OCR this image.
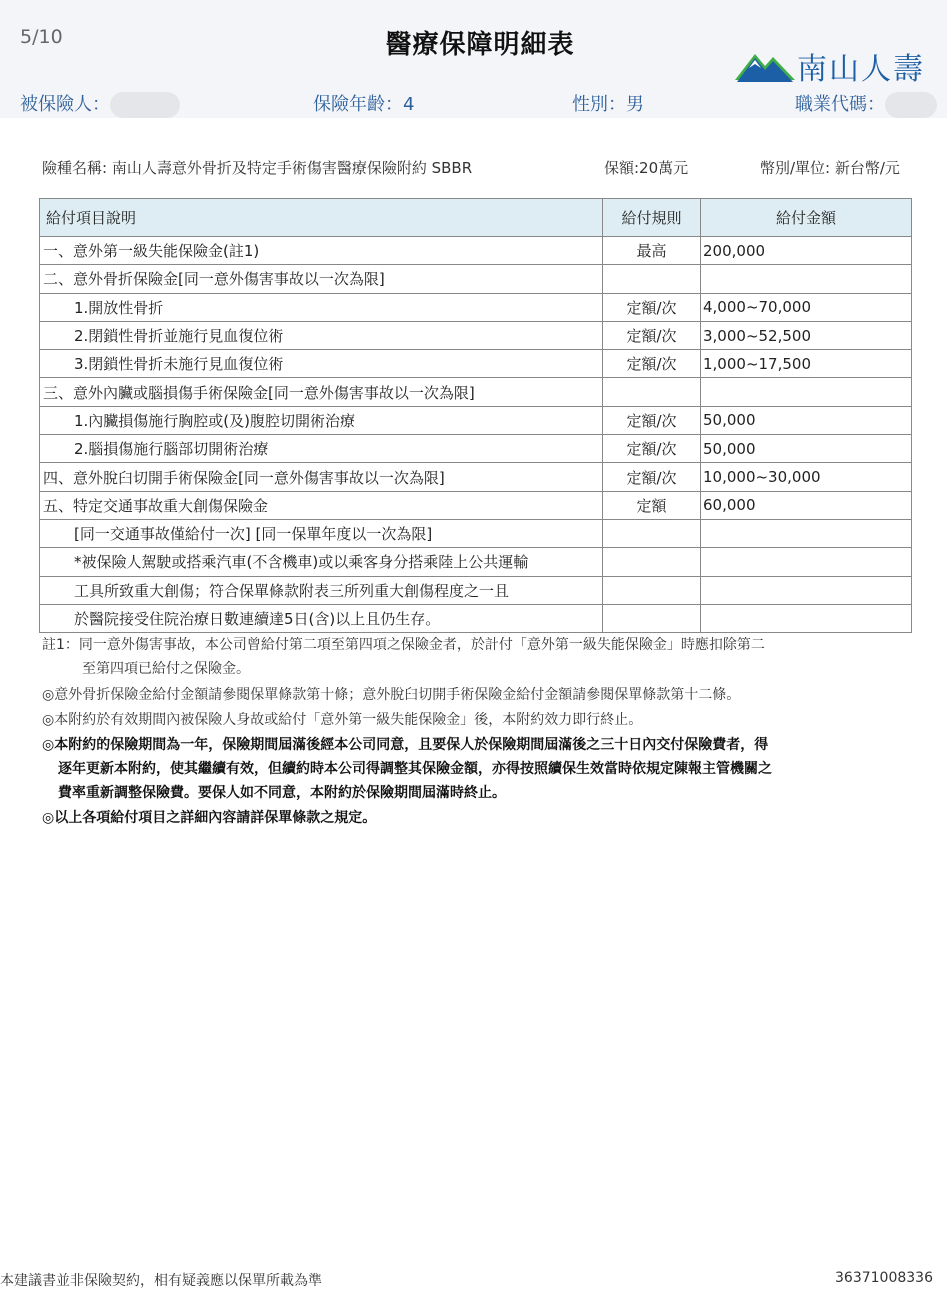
5/10	醫療保障明細表
南山人壽
被保險人：	保險年齡：4	性別：男	職業代碼：
險種名稱: 南山人壽意外骨折及特定手術傷害醫療保險附約 SBBR	保額:20萬元	幣別/單位: 新台幣/元
給付項目說明	給付規則	給付金額
一、意外第一級失能保險金(註1)	最高	200,000
二、意外骨折保險金[同一意外傷害事故以一次為限]		
1.開放性骨折	定額/次	4,000~70,000
2.閉鎖性骨折並施行見血復位術	定額/次	3,000~52,500
3.閉鎖性骨折未施行見血復位術	定額/次	1,000~17,500
三、意外內臟或腦損傷手術保險金[同一意外傷害事故以一次為限]		
1.內臟損傷施行胸腔或(及)腹腔切開術治療	定額/次	50,000
2.腦損傷施行腦部切開術治療	定額/次	50,000
四、意外脫臼切開手術保險金[同一意外傷害事故以一次為限]	定額/次	10,000~30,000
五、特定交通事故重大創傷保險金	定額	60,000
[同一交通事故僅給付一次] [同一保單年度以一次為限]		
*被保險人駕駛或搭乘汽車(不含機車)或以乘客身分搭乘陸上公共運輸		
工具所致重大創傷；符合保單條款附表三所列重大創傷程度之一且		
於醫院接受住院治療日數連續達5日(含)以上且仍生存。		
註1：同一意外傷害事故，本公司曾給付第二項至第四項之保險金者，於計付「意外第一級失能保險金」時應扣除第二
至第四項已給付之保險金。
◎意外骨折保險金給付金額請參閱保單條款第十條；意外脫臼切開手術保險金給付金額請參閱保單條款第十二條。
◎本附約於有效期間內被保險人身故或給付「意外第一級失能保險金」後，本附約效力即行終止。
◎本附約的保險期間為一年，保險期間屆滿後經本公司同意，且要保人於保險期間屆滿後之三十日內交付保險費者，得
逐年更新本附約，使其繼續有效，但續約時本公司得調整其保險金額，亦得按照續保生效當時依規定陳報主管機關之
費率重新調整保險費。要保人如不同意，本附約於保險期間屆滿時終止。
◎以上各項給付項目之詳細內容請詳保單條款之規定。
本建議書並非保險契約，相有疑義應以保單所載為準	36371008336
